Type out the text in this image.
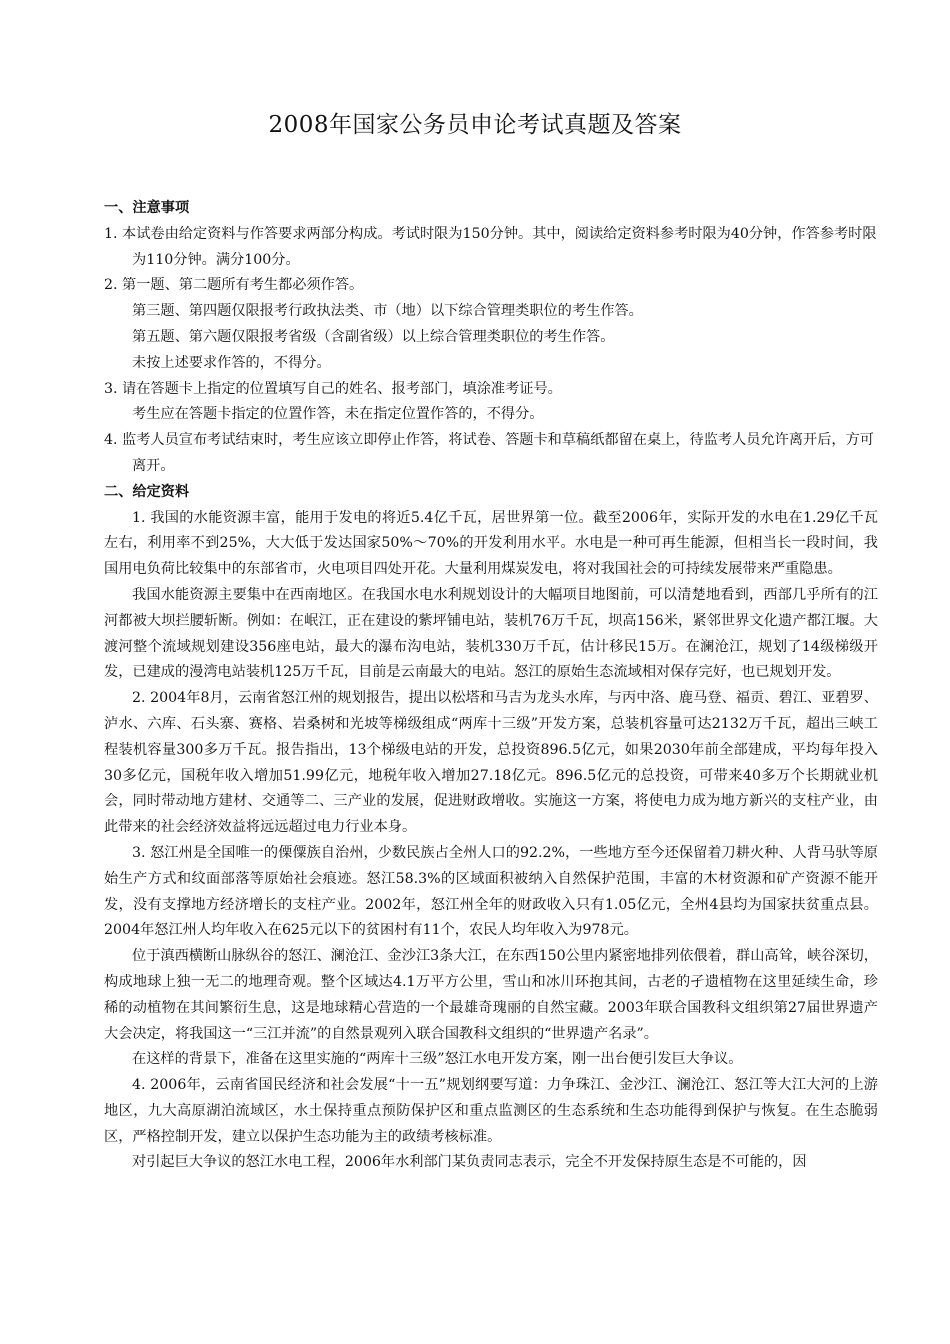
2008年国家公务员申论考试真题及答案

一、注意事项

1. 本试卷由给定资料与作答要求两部分构成。考试时限为150分钟。其中，阅读给定资料参考时限为40分钟，作答参考时限为110分钟。满分100分。

2. 第一题、第二题所有考生都必须作答。

第三题、第四题仅限报考行政执法类、市（地）以下综合管理类职位的考生作答。

第五题、第六题仅限报考省级（含副省级）以上综合管理类职位的考生作答。

未按上述要求作答的，不得分。

3. 请在答题卡上指定的位置填写自己的姓名、报考部门，填涂准考证号。

考生应在答题卡指定的位置作答，未在指定位置作答的，不得分。

4. 监考人员宣布考试结束时，考生应该立即停止作答，将试卷、答题卡和草稿纸都留在桌上，待监考人员允许离开后，方可离开。

二、给定资料

1. 我国的水能资源丰富，能用于发电的将近5.4亿千瓦，居世界第一位。截至2006年，实际开发的水电在1.29亿千瓦左右，利用率不到25%，大大低于发达国家50%～70%的开发利用水平。水电是一种可再生能源，但相当长一段时间，我国用电负荷比较集中的东部省市，火电项目四处开花。大量利用煤炭发电，将对我国社会的可持续发展带来严重隐患。

我国水能资源主要集中在西南地区。在我国水电水利规划设计的大幅项目地图前，可以清楚地看到，西部几乎所有的江河都被大坝拦腰斩断。例如：在岷江，正在建设的紫坪铺电站，装机76万千瓦，坝高156米，紧邻世界文化遗产都江堰。大渡河整个流域规划建设356座电站，最大的瀑布沟电站，装机330万千瓦，估计移民15万。在澜沧江，规划了14级梯级开发，已建成的漫湾电站装机125万千瓦，目前是云南最大的电站。怒江的原始生态流域相对保存完好，也已规划开发。

2. 2004年8月，云南省怒江州的规划报告，提出以松塔和马吉为龙头水库，与丙中洛、鹿马登、福贡、碧江、亚碧罗、泸水、六库、石头寨、赛格、岩桑树和光坡等梯级组成“两库十三级”开发方案，总装机容量可达2132万千瓦，超出三峡工程装机容量300多万千瓦。报告指出，13个梯级电站的开发，总投资896.5亿元，如果2030年前全部建成，平均每年投入30多亿元，国税年收入增加51.99亿元，地税年收入增加27.18亿元。896.5亿元的总投资，可带来40多万个长期就业机会，同时带动地方建材、交通等二、三产业的发展，促进财政增收。实施这一方案，将使电力成为地方新兴的支柱产业，由此带来的社会经济效益将远远超过电力行业本身。

3. 怒江州是全国唯一的傈僳族自治州，少数民族占全州人口的92.2%，一些地方至今还保留着刀耕火种、人背马驮等原始生产方式和纹面部落等原始社会痕迹。怒江58.3%的区域面积被纳入自然保护范围，丰富的木材资源和矿产资源不能开发，没有支撑地方经济增长的支柱产业。2002年，怒江州全年的财政收入只有1.05亿元，全州4县均为国家扶贫重点县。2004年怒江州人均年收入在625元以下的贫困村有11个，农民人均年收入为978元。

位于滇西横断山脉纵谷的怒江、澜沧江、金沙江3条大江，在东西150公里内紧密地排列依偎着，群山高耸，峡谷深切，构成地球上独一无二的地理奇观。整个区域达4.1万平方公里，雪山和冰川环抱其间，古老的孑遗植物在这里延续生命，珍稀的动植物在其间繁衍生息，这是地球精心营造的一个最雄奇瑰丽的自然宝藏。2003年联合国教科文组织第27届世界遗产大会决定，将我国这一“三江并流”的自然景观列入联合国教科文组织的“世界遗产名录”。

在这样的背景下，准备在这里实施的“两库十三级”怒江水电开发方案，刚一出台便引发巨大争议。

4. 2006年，云南省国民经济和社会发展“十一五”规划纲要写道：力争珠江、金沙江、澜沧江、怒江等大江大河的上游地区，九大高原湖泊流域区，水土保持重点预防保护区和重点监测区的生态系统和生态功能得到保护与恢复。在生态脆弱区，严格控制开发，建立以保护生态功能为主的政绩考核标准。

对引起巨大争议的怒江水电工程，2006年水利部门某负责同志表示，完全不开发保持原生态是不可能的，因
